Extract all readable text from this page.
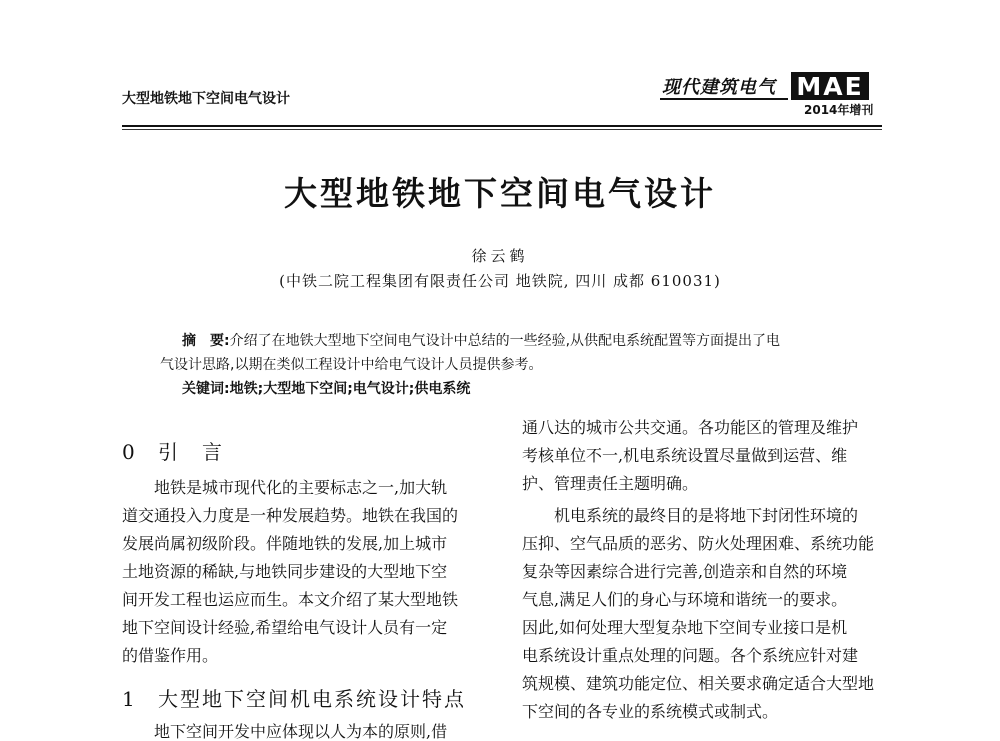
大型地铁地下空间电气设计
现代建筑电气 MAE
2014年增刊
大型地铁地下空间电气设计
徐云鹤
(中铁二院工程集团有限责任公司 地铁院, 四川 成都 610031)
摘　要:介绍了在地铁大型地下空间电气设计中总结的一些经验,从供配电系统配置等方面提出了电
气设计思路,以期在类似工程设计中给电气设计人员提供参考。
关键词:地铁;大型地下空间;电气设计;供电系统
0 引　言
地铁是城市现代化的主要标志之一,加大轨
道交通投入力度是一种发展趋势。地铁在我国的
发展尚属初级阶段。伴随地铁的发展,加上城市
土地资源的稀缺,与地铁同步建设的大型地下空
间开发工程也运应而生。本文介绍了某大型地铁
地下空间设计经验,希望给电气设计人员有一定
的借鉴作用。
1 大型地下空间机电系统设计特点
地下空间开发中应体现以人为本的原则,借
通八达的城市公共交通。各功能区的管理及维护
考核单位不一,机电系统设置尽量做到运营、维
护、管理责任主题明确。
机电系统的最终目的是将地下封闭性环境的
压抑、空气品质的恶劣、防火处理困难、系统功能
复杂等因素综合进行完善,创造亲和自然的环境
气息,满足人们的身心与环境和谐统一的要求。
因此,如何处理大型复杂地下空间专业接口是机
电系统设计重点处理的问题。各个系统应针对建
筑规模、建筑功能定位、相关要求确定适合大型地
下空间的各专业的系统模式或制式。
